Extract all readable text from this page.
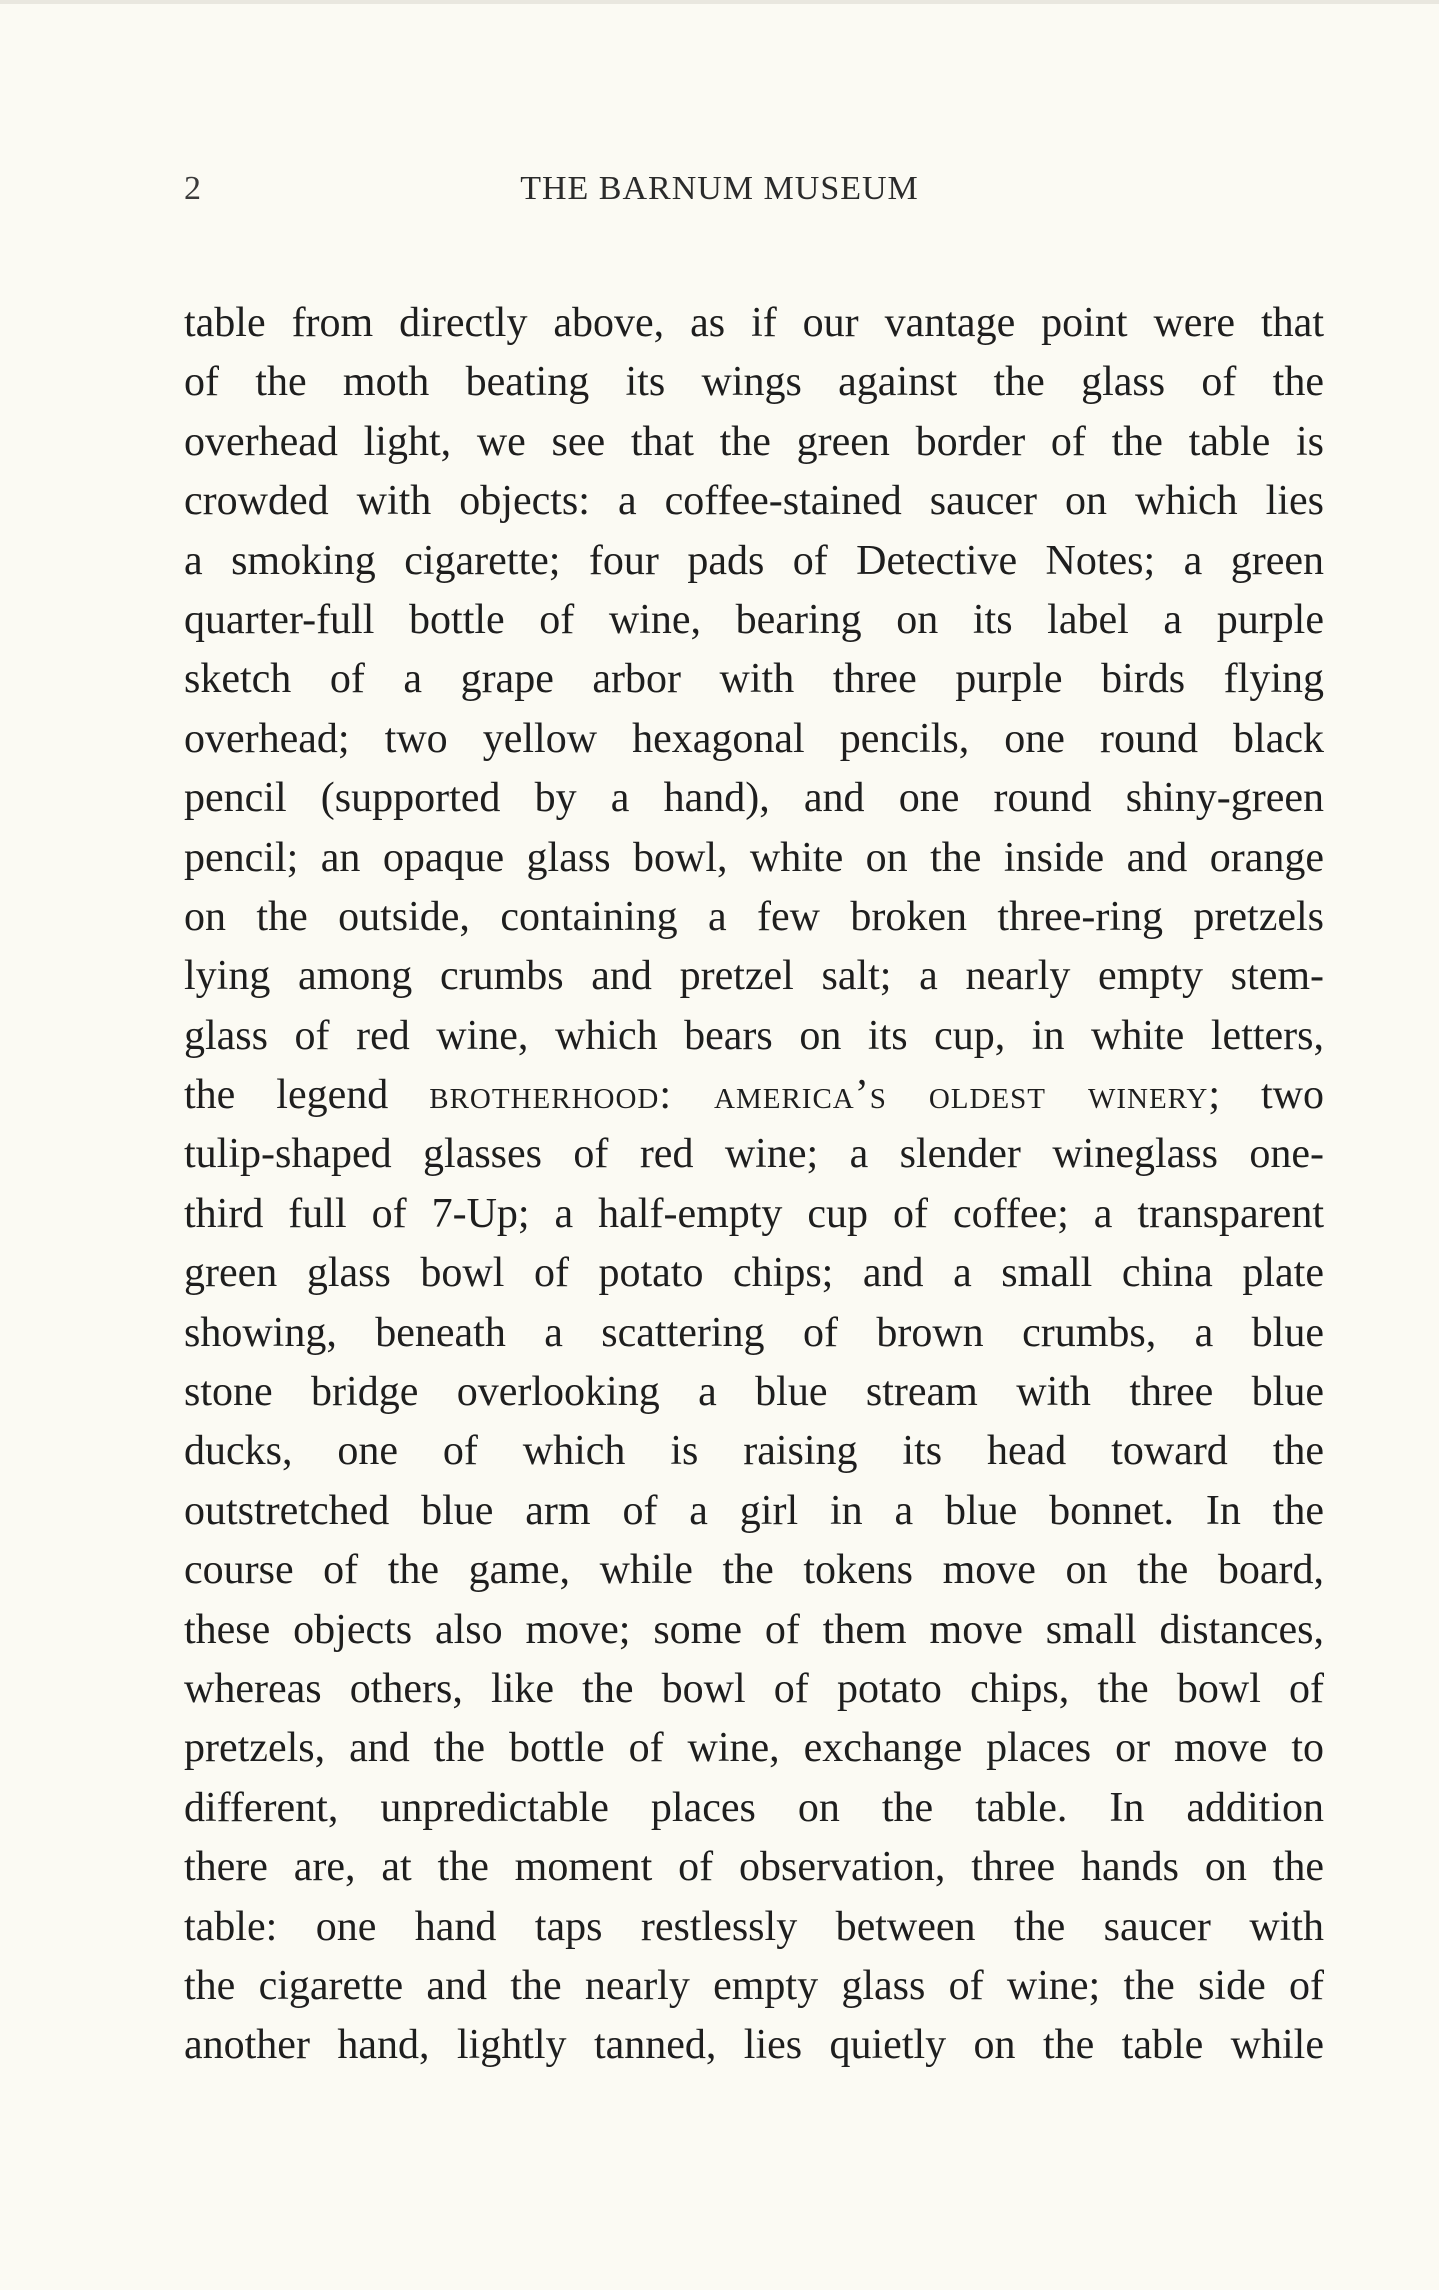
2	THE BARNUM MUSEUM
table from directly above, as if our vantage point were that
of the moth beating its wings against the glass of the
overhead light, we see that the green border of the table is
crowded with objects: a coffee-stained saucer on which lies
a smoking cigarette; four pads of Detective Notes; a green
quarter-full bottle of wine, bearing on its label a purple
sketch of a grape arbor with three purple birds flying
overhead; two yellow hexagonal pencils, one round black
pencil (supported by a hand), and one round shiny-green
pencil; an opaque glass bowl, white on the inside and orange
on the outside, containing a few broken three-ring pretzels
lying among crumbs and pretzel salt; a nearly empty stem-
glass of red wine, which bears on its cup, in white letters,
the legend brotherhood: america’s oldest winery; two
tulip-shaped glasses of red wine; a slender wineglass one-
third full of 7-Up; a half-empty cup of coffee; a transparent
green glass bowl of potato chips; and a small china plate
showing, beneath a scattering of brown crumbs, a blue
stone bridge overlooking a blue stream with three blue
ducks, one of which is raising its head toward the
outstretched blue arm of a girl in a blue bonnet. In the
course of the game, while the tokens move on the board,
these objects also move; some of them move small distances,
whereas others, like the bowl of potato chips, the bowl of
pretzels, and the bottle of wine, exchange places or move to
different, unpredictable places on the table. In addition
there are, at the moment of observation, three hands on the
table: one hand taps restlessly between the saucer with
the cigarette and the nearly empty glass of wine; the side of
another hand, lightly tanned, lies quietly on the table while
